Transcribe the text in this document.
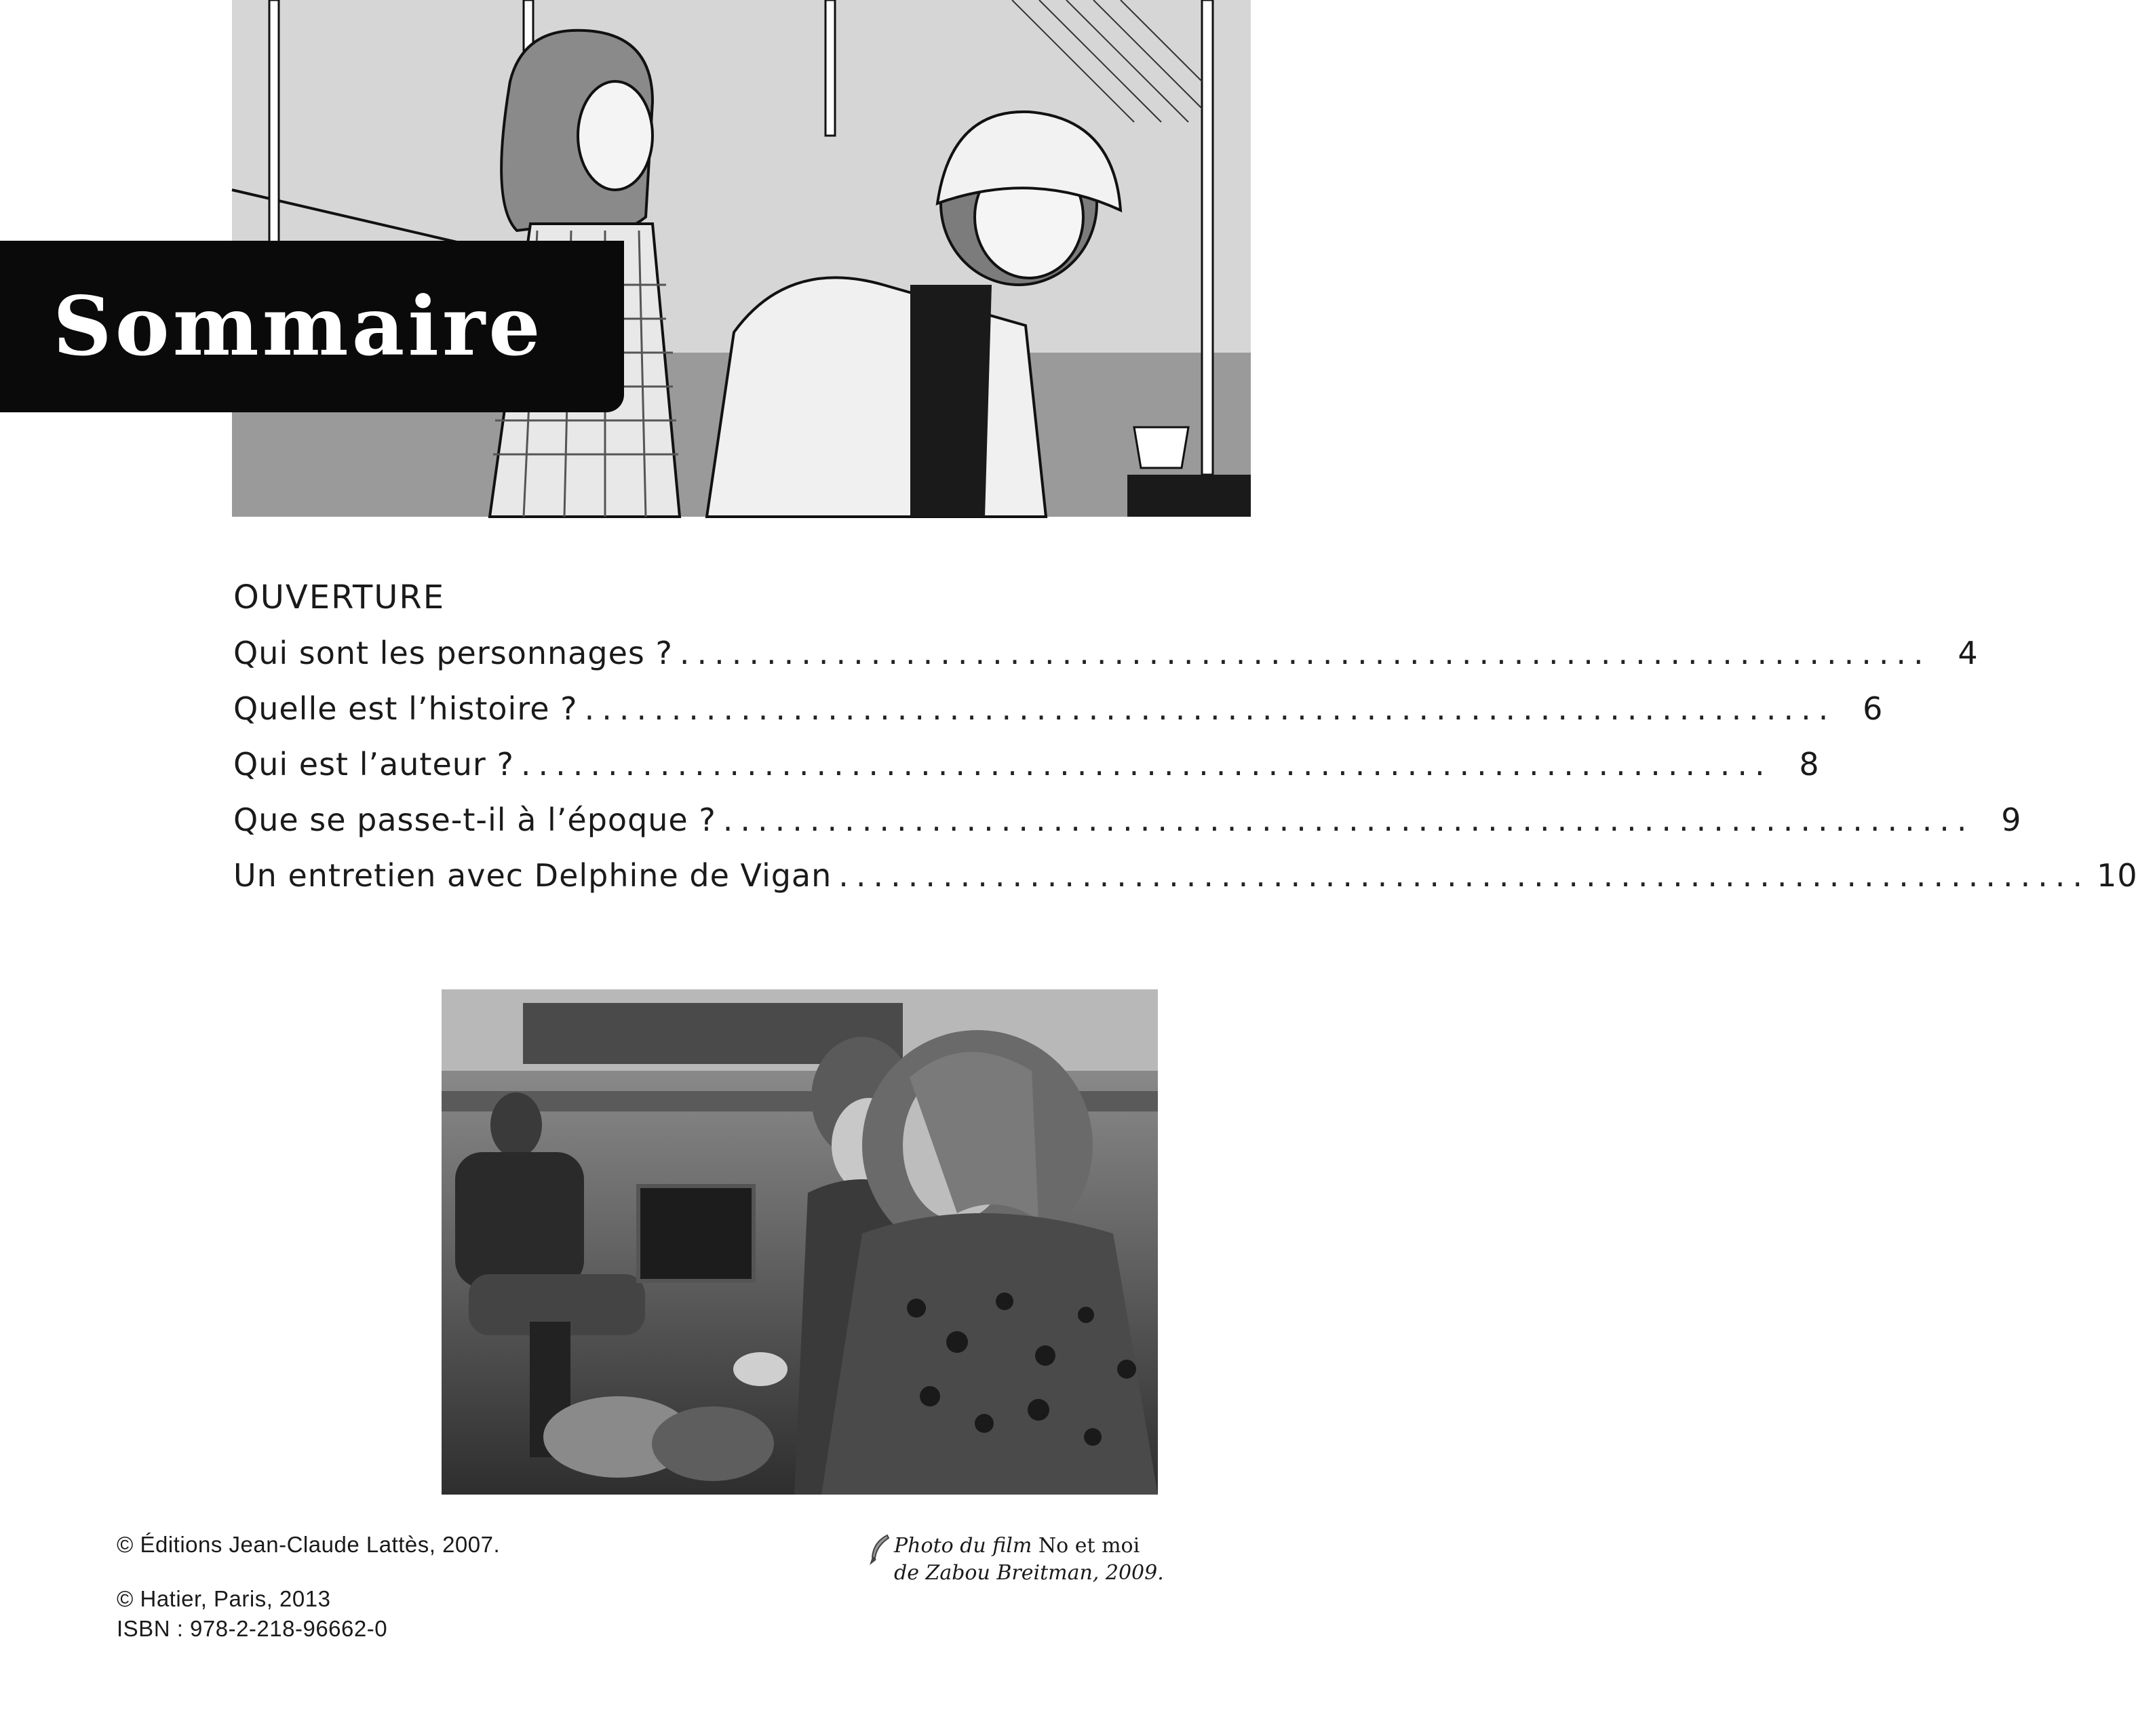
Sommaire
OUVERTURE
Qui sont les personnages ? ........................................................................ 4
Quelle est l’histoire ? ........................................................................ 6
Qui est l’auteur ? ........................................................................ 8
Que se passe-t-il à l’époque ? ........................................................................ 9
Un entretien avec Delphine de Vigan ........................................................................ 10
© Éditions Jean-Claude Lattès, 2007.
© Hatier, Paris, 2013
ISBN : 978-2-218-96662-0
Photo du film No et moi
de Zabou Breitman, 2009.
